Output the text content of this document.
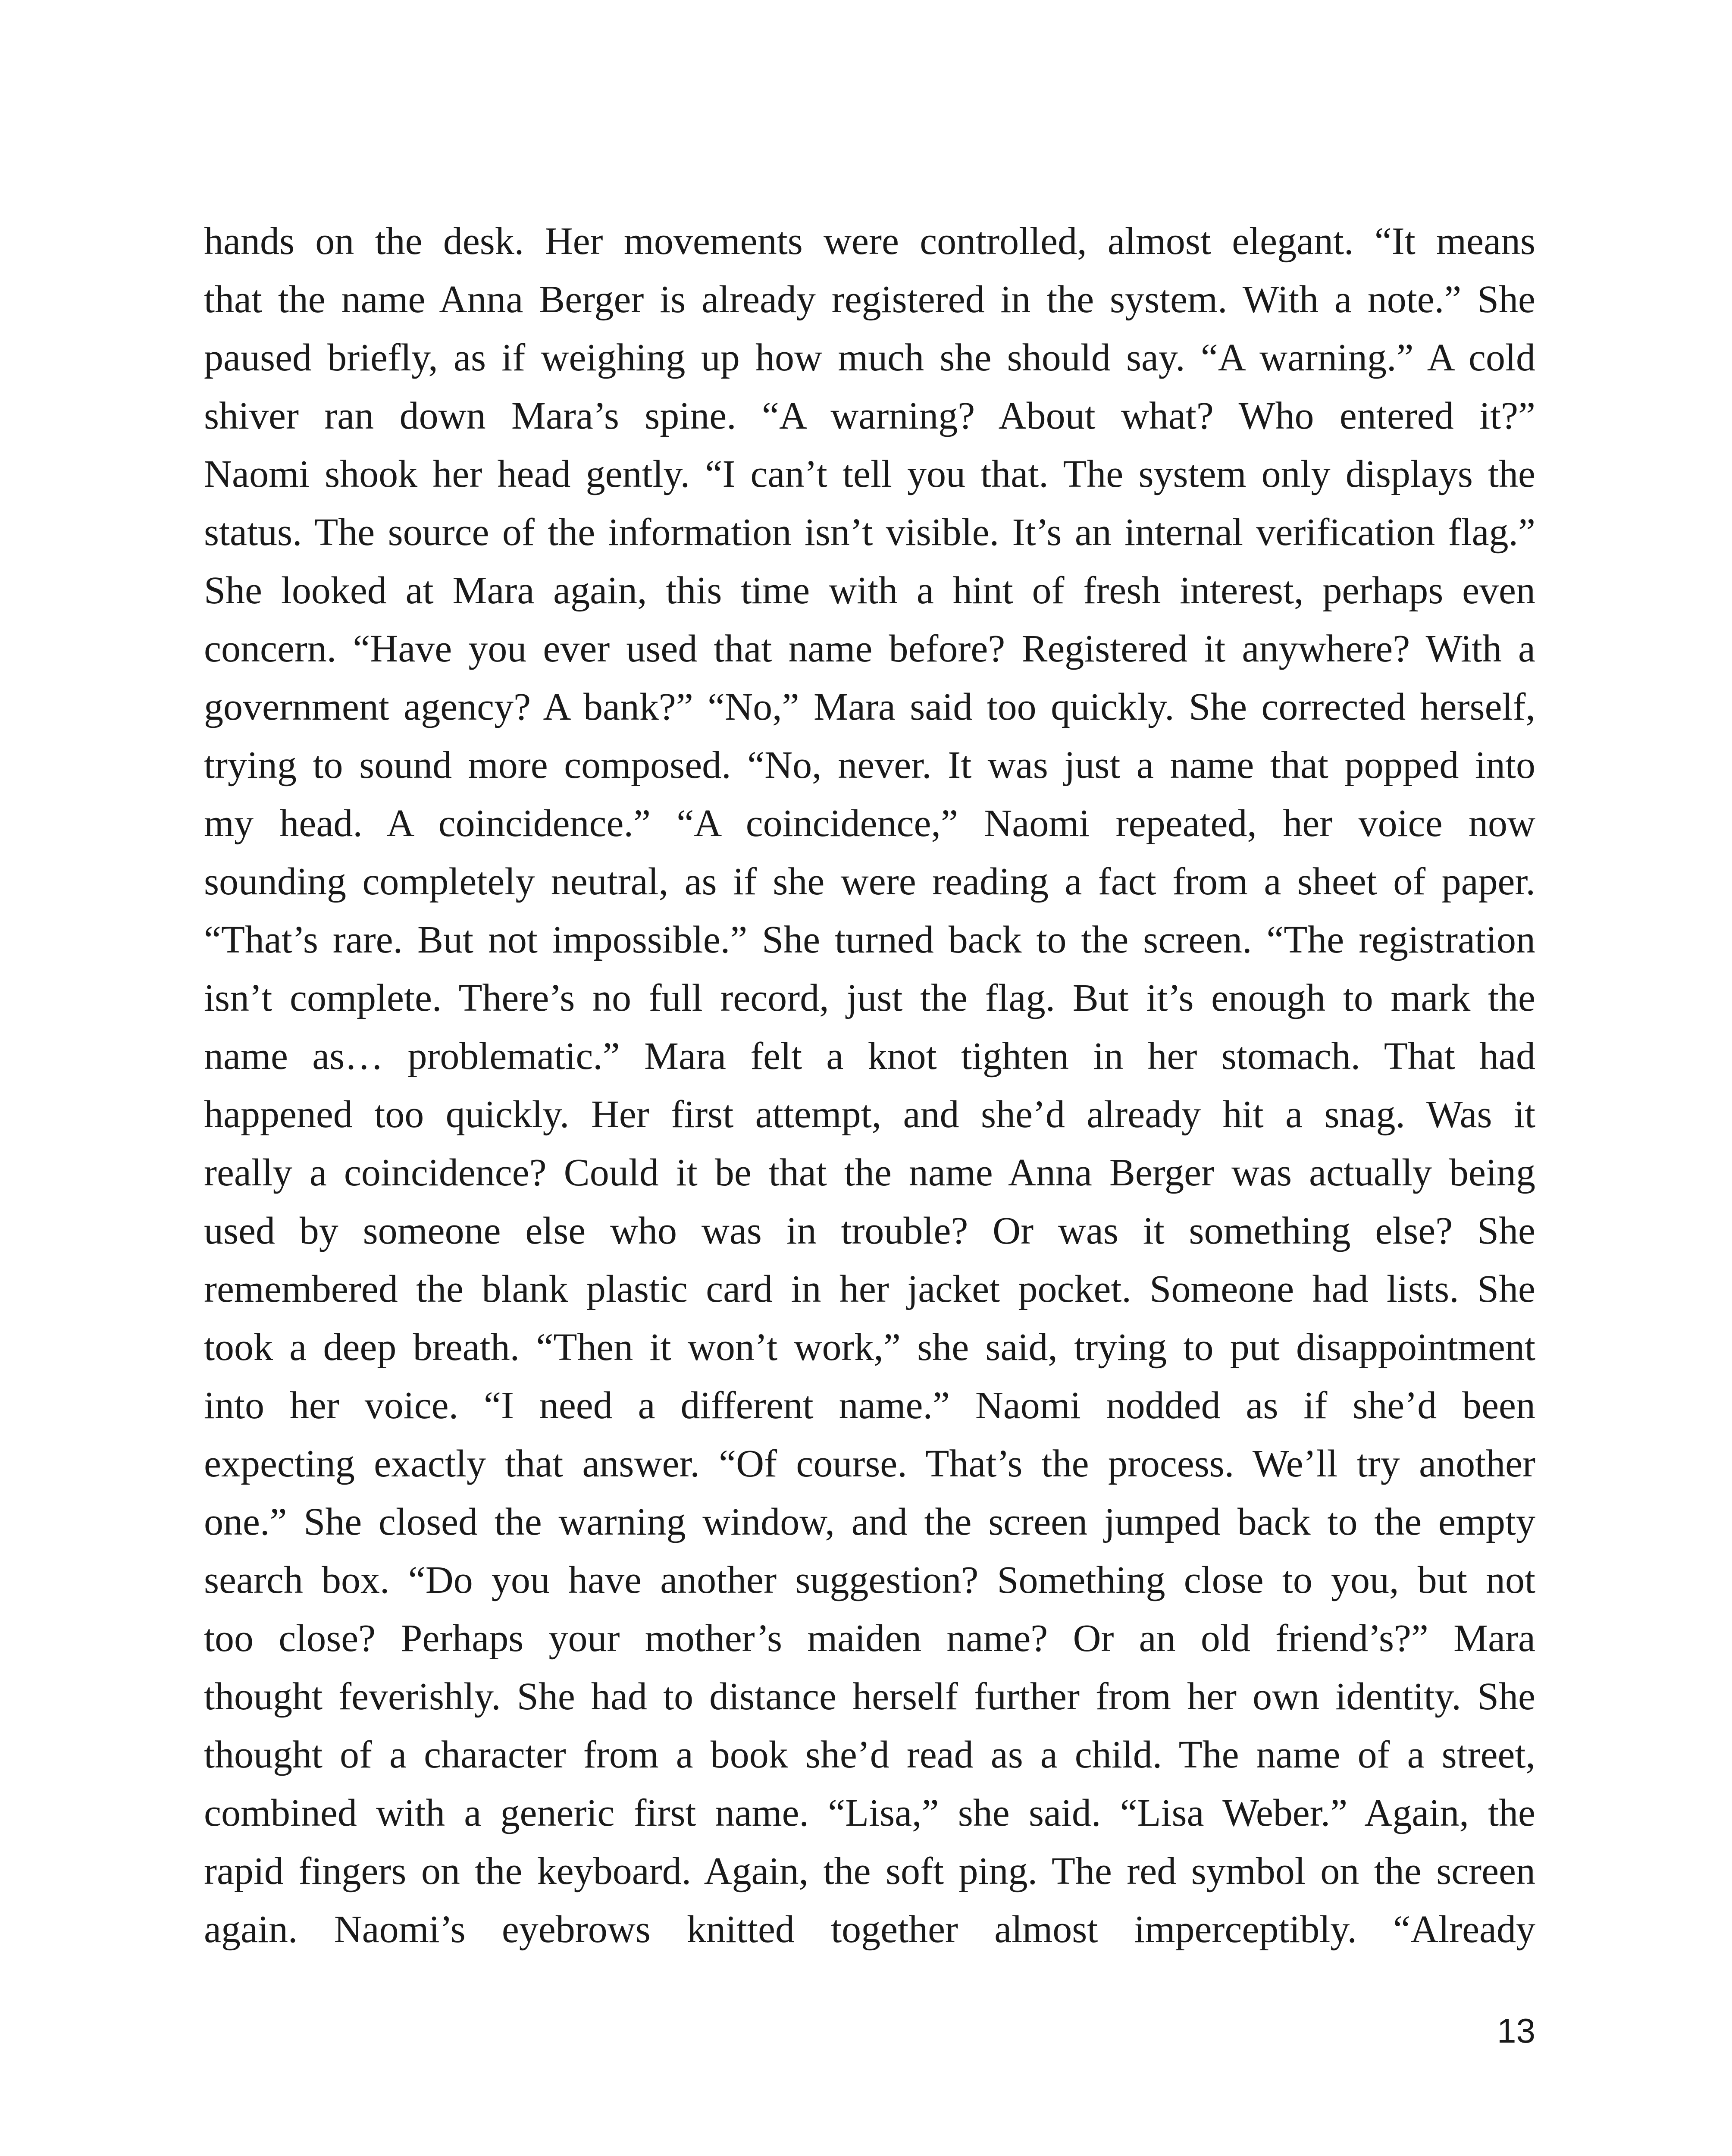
hands on the desk. Her movements were controlled, almost elegant. “It means
that the name Anna Berger is already registered in the system. With a note.” She
paused briefly, as if weighing up how much she should say. “A warning.” A cold
shiver ran down Mara’s spine. “A warning? About what? Who entered it?”
Naomi shook her head gently. “I can’t tell you that. The system only displays the
status. The source of the information isn’t visible. It’s an internal verification flag.”
She looked at Mara again, this time with a hint of fresh interest, perhaps even
concern. “Have you ever used that name before? Registered it anywhere? With a
government agency? A bank?” “No,” Mara said too quickly. She corrected herself,
trying to sound more composed. “No, never. It was just a name that popped into
my head. A coincidence.” “A coincidence,” Naomi repeated, her voice now
sounding completely neutral, as if she were reading a fact from a sheet of paper.
“That’s rare. But not impossible.” She turned back to the screen. “The registration
isn’t complete. There’s no full record, just the flag. But it’s enough to mark the
name as… problematic.” Mara felt a knot tighten in her stomach. That had
happened too quickly. Her first attempt, and she’d already hit a snag. Was it
really a coincidence? Could it be that the name Anna Berger was actually being
used by someone else who was in trouble? Or was it something else? She
remembered the blank plastic card in her jacket pocket. Someone had lists. She
took a deep breath. “Then it won’t work,” she said, trying to put disappointment
into her voice. “I need a different name.” Naomi nodded as if she’d been
expecting exactly that answer. “Of course. That’s the process. We’ll try another
one.” She closed the warning window, and the screen jumped back to the empty
search box. “Do you have another suggestion? Something close to you, but not
too close? Perhaps your mother’s maiden name? Or an old friend’s?” Mara
thought feverishly. She had to distance herself further from her own identity. She
thought of a character from a book she’d read as a child. The name of a street,
combined with a generic first name. “Lisa,” she said. “Lisa Weber.” Again, the
rapid fingers on the keyboard. Again, the soft ping. The red symbol on the screen
again. Naomi’s eyebrows knitted together almost imperceptibly. “Already
13
